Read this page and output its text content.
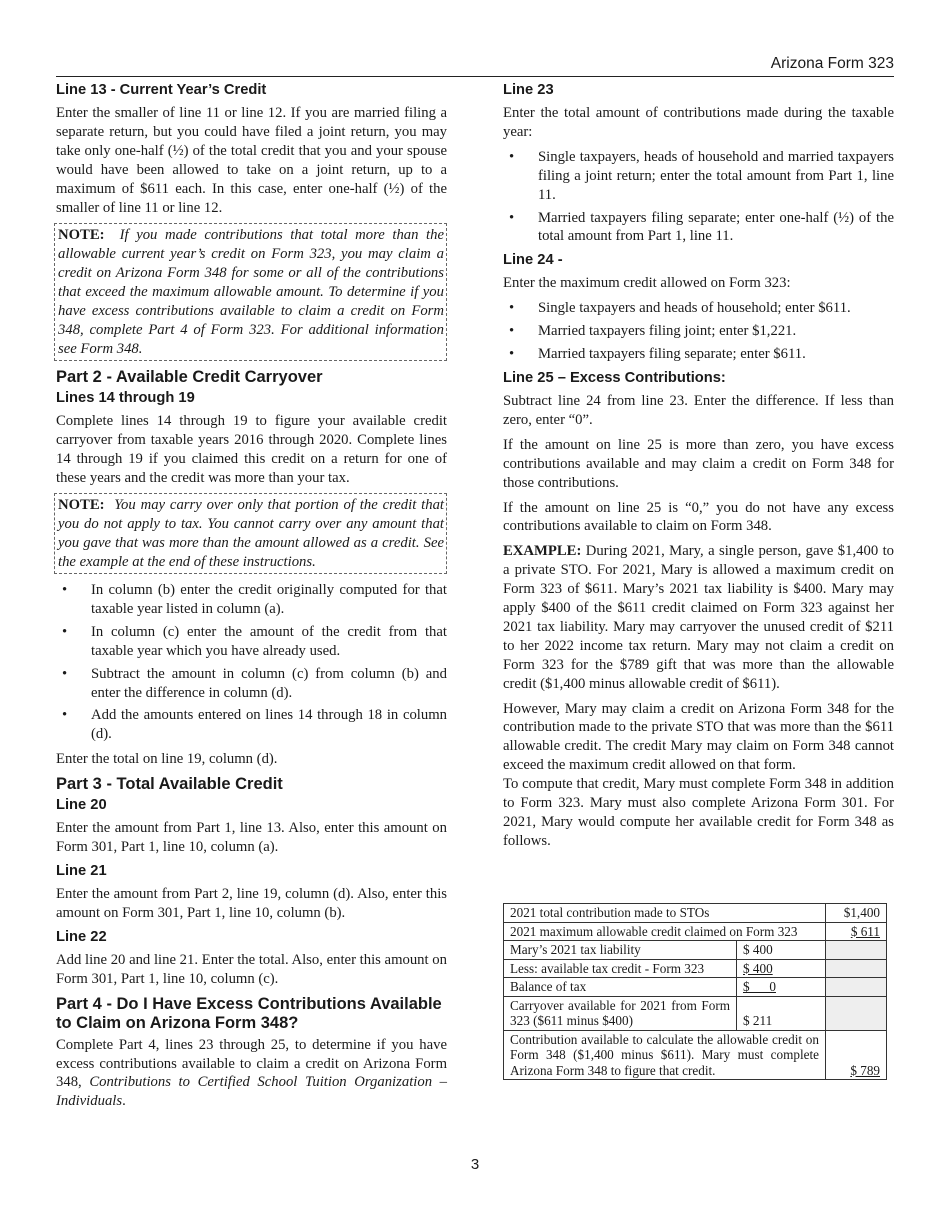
Arizona Form 323
Line 13 - Current Year’s Credit

Enter the smaller of line 11 or line 12. If you are married filing a separate return, but you could have filed a joint return, you may take only one-half (½) of the total credit that you and your spouse would have been allowed to take on a joint return, up to a maximum of $611 each. In this case, enter one-half (½) of the smaller of line 11 or line 12.

NOTE: If you made contributions that total more than the allowable current year’s credit on Form 323, you may claim a credit on Arizona Form 348 for some or all of the contributions that exceed the maximum allowable amount. To determine if you have excess contributions available to claim a credit on Form 348, complete Part 4 of Form 323. For additional information see Form 348.
Part 2 - Available Credit Carryover
Lines 14 through 19

Complete lines 14 through 19 to figure your available credit carryover from taxable years 2016 through 2020. Complete lines 14 through 19 if you claimed this credit on a return for one of these years and the credit was more than your tax.

NOTE: You may carry over only that portion of the credit that you do not apply to tax. You cannot carry over any amount that you gave that was more than the amount allowed as a credit. See the example at the end of these instructions.
• In column (b) enter the credit originally computed for that taxable year listed in column (a).
• In column (c) enter the amount of the credit from that taxable year which you have already used.
• Subtract the amount in column (c) from column (b) and enter the difference in column (d).
• Add the amounts entered on lines 14 through 18 in column (d).

Enter the total on line 19, column (d).

Part 3 - Total Available Credit
Line 20

Enter the amount from Part 1, line 13. Also, enter this amount on Form 301, Part 1, line 10, column (a).

Line 21

Enter the amount from Part 2, line 19, column (d). Also, enter this amount on Form 301, Part 1, line 10, column (b).

Line 22

Add line 20 and line 21. Enter the total. Also, enter this amount on Form 301, Part 1, line 10, column (c).

Part 4 - Do I Have Excess Contributions Available to Claim on Arizona Form 348?

Complete Part 4, lines 23 through 25, to determine if you have excess contributions available to claim a credit on Arizona Form 348, Contributions to Certified School Tuition Organization – Individuals.

Line 23

Enter the total amount of contributions made during the taxable year:

• Single taxpayers, heads of household and married taxpayers filing a joint return; enter the total amount from Part 1, line 11.
• Married taxpayers filing separate; enter one-half (½) of the total amount from Part 1, line 11.
Line 24 -

Enter the maximum credit allowed on Form 323:

• Single taxpayers and heads of household; enter $611.
• Married taxpayers filing joint; enter $1,221.
• Married taxpayers filing separate; enter $611.
Line 25 – Excess Contributions:

Subtract line 24 from line 23. Enter the difference. If less than zero, enter “0”.

If the amount on line 25 is more than zero, you have excess contributions available and may claim a credit on Form 348 for those contributions.

If the amount on line 25 is “0,” you do not have any excess contributions available to claim on Form 348.

EXAMPLE: During 2021, Mary, a single person, gave $1,400 to a private STO. For 2021, Mary is allowed a maximum credit on Form 323 of $611. Mary’s 2021 tax liability is $400. Mary may apply $400 of the $611 credit claimed on Form 323 against her 2021 tax liability. Mary may carryover the unused credit of $211 to her 2022 income tax return. Mary may not claim a credit on Form 323 for the $789 gift that was more than the allowable credit ($1,400 minus allowable credit of $611).

However, Mary may claim a credit on Arizona Form 348 for the contribution made to the private STO that was more than the $611 allowable credit. The credit Mary may claim on Form 348 cannot exceed the maximum credit allowed on that form.

To compute that credit, Mary must complete Form 348 in addition to Form 323. Mary must also complete Arizona Form 301. For 2021, Mary would compute her available credit for Form 348 as follows.

2021 total contribution made to STOs		$1,400
2021 maximum allowable credit claimed on Form 323		$ 611
Mary’s 2021 tax liability	$ 400	
Less: available tax credit - Form 323	$ 400	
Balance of tax	$      0	
Carryover available for 2021 from Form 323 ($611 minus $400)	$ 211	
Contribution available to calculate the allowable credit on Form 348 ($1,400 minus $611). Mary must complete Arizona Form 348 to figure that credit.		$ 789
3
